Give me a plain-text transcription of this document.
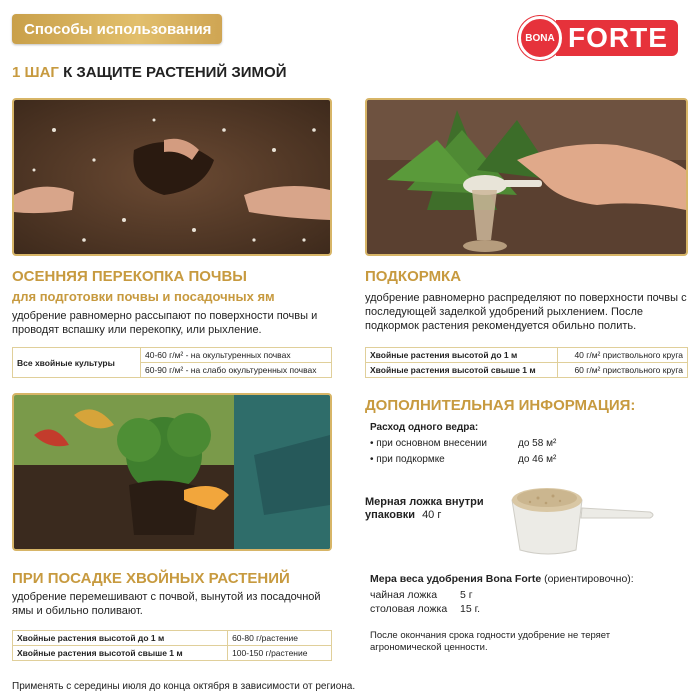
Способы использования
BONA FORTE
1 ШАГ К ЗАЩИТЕ РАСТЕНИЙ ЗИМОЙ
ОСЕННЯЯ ПЕРЕКОПКА ПОЧВЫ
для подготовки почвы и посадочных ям
удобрение равномерно рассыпают по поверхности почвы и проводят вспашку или перекопку, или рыхление.
Все хвойные культуры	40-60 г/м² - на окультуренных почвах
60-90 г/м² - на слабо окультуренных почвах
ПОДКОРМКА
удобрение равномерно распределяют по поверхности почвы с последующей заделкой удобрений рыхлением. После подкормок растения рекомендуется обильно полить.
Хвойные растения высотой до 1 м	40 г/м² приствольного круга
Хвойные растения высотой свыше 1 м	60 г/м² приствольного круга
ПРИ ПОСАДКЕ ХВОЙНЫХ РАСТЕНИЙ
удобрение перемешивают с почвой, вынутой из посадочной ямы и обильно поливают.
Хвойные растения высотой до 1 м	60-80 г/растение
Хвойные растения высотой свыше 1 м	100-150 г/растение
ДОПОЛНИТЕЛЬНАЯ ИНФОРМАЦИЯ:
Расход одного ведра:
• при основном внесении	до 58 м²
• при подкормке	до 46 м²
Мерная ложка внутри упаковки 40 г
Мера веса удобрения Bona Forte (ориентировочно):
чайная ложка 5 г
столовая ложка 15 г.
После окончания срока годности удобрение не теряет агрономической ценности.
Применять с середины июля до конца октября в зависимости от региона.
